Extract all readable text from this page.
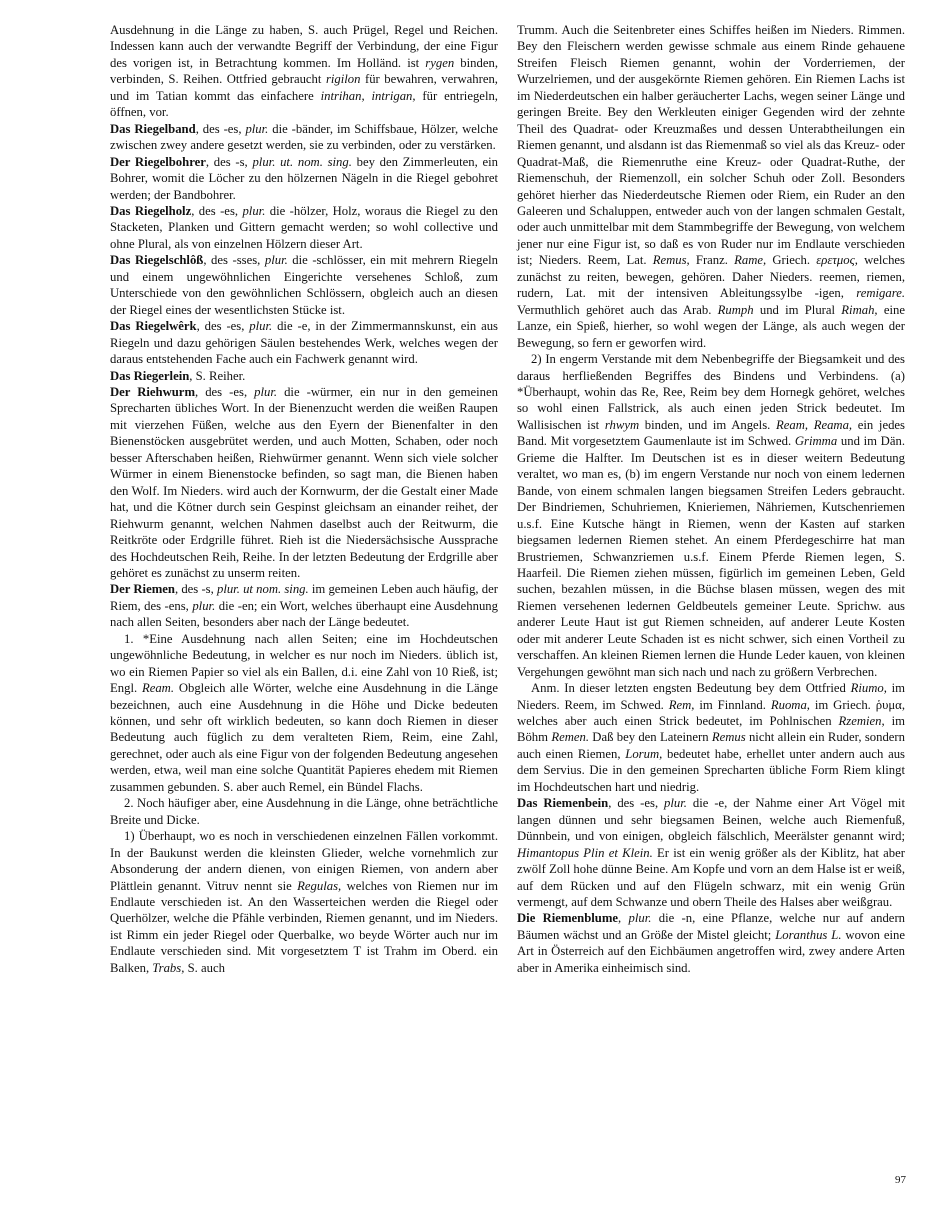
Ausdehnung in die Länge zu haben, S. auch Prügel, Regel und Reichen. Indessen kann auch der verwandte Begriff der Verbindung, der eine Figur des vorigen ist, in Betrachtung kommen. Im Holländ. ist rygen binden, verbinden, S. Reihen. Ottfried gebraucht rigilon für bewahren, verwahren, und im Tatian kommt das einfachere intrihan, intrigan, für entriegeln, öffnen, vor.

Das Riegelband, des -es, plur. die -bänder, im Schiffsbaue, Hölzer, welche zwischen zwey andere gesetzt werden, sie zu verbinden, oder zu verstärken.

Der Riegelbohrer, des -s, plur. ut. nom. sing. bey den Zimmerleuten, ein Bohrer, womit die Löcher zu den hölzernen Nägeln in die Riegel gebohret werden; der Bandbohrer.

Das Riegelholz, des -es, plur. die -hölzer, Holz, woraus die Riegel zu den Stacketen, Planken und Gittern gemacht werden; so wohl collective und ohne Plural, als von einzelnen Hölzern dieser Art.

Das Riegelschlôß, des -sses, plur. die -schlösser, ein mit mehrern Riegeln und einem ungewöhnlichen Eingerichte versehenes Schloß, zum Unterschiede von den gewöhnlichen Schlössern, obgleich auch an diesen der Riegel eines der wesentlichsten Stücke ist.

Das Riegelwêrk, des -es, plur. die -e, in der Zimmermannskunst, ein aus Riegeln und dazu gehörigen Säulen bestehendes Werk, welches wegen der daraus entstehenden Fache auch ein Fachwerk genannt wird.

Das Riegerlein, S. Reiher.

Der Riehwurm, des -es, plur. die -würmer, ein nur in den gemeinen Sprecharten übliches Wort. In der Bienenzucht werden die weißen Raupen mit vierzehen Füßen, welche aus den Eyern der Bienenfalter in den Bienenstöcken ausgebrütet werden, und auch Motten, Schaben, oder noch besser Afterschaben heißen, Riehwürmer genannt. Wenn sich viele solcher Würmer in einem Bienenstocke befinden, so sagt man, die Bienen haben den Wolf. Im Nieders. wird auch der Kornwurm, der die Gestalt einer Made hat, und die Kötner durch sein Gespinst gleichsam an einander reihet, der Riehwurm genannt, welchen Nahmen daselbst auch der Reitwurm, die Reitkröte oder Erdgrille führet. Rieh ist die Niedersächsische Aussprache des Hochdeutschen Reih, Reihe. In der letzten Bedeutung der Erdgrille aber gehöret es zunächst zu unserm reiten.

Der Riemen, des -s, plur. ut nom. sing. im gemeinen Leben auch häufig, der Riem, des -ens, plur. die -en; ein Wort, welches überhaupt eine Ausdehnung nach allen Seiten, besonders aber nach der Länge bedeutet.

1. *Eine Ausdehnung nach allen Seiten; eine im Hochdeutschen ungewöhnliche Bedeutung, in welcher es nur noch im Nieders. üblich ist, wo ein Riemen Papier so viel als ein Ballen, d.i. eine Zahl von 10 Rieß, ist; Engl. Ream. Obgleich alle Wörter, welche eine Ausdehnung in die Länge bezeichnen, auch eine Ausdehnung in die Höhe und Dicke bedeuten können, und sehr oft wirklich bedeuten, so kann doch Riemen in dieser Bedeutung auch füglich zu dem veralteten Riem, Reim, eine Zahl, gerechnet, oder auch als eine Figur von der folgenden Bedeutung angesehen werden, etwa, weil man eine solche Quantität Papieres ehedem mit Riemen zusammen gebunden. S. aber auch Remel, ein Bündel Flachs.

2. Noch häufiger aber, eine Ausdehnung in die Länge, ohne beträchtliche Breite und Dicke.

1) Überhaupt, wo es noch in verschiedenen einzelnen Fällen vorkommt. In der Baukunst werden die kleinsten Glieder, welche vornehmlich zur Absonderung der andern dienen, von einigen Riemen, von andern aber Plättlein genannt. Vitruv nennt sie Regulas, welches von Riemen nur im Endlaute verschieden ist. An den Wasserteichen werden die Riegel oder Querhölzer, welche die Pfähle verbinden, Riemen genannt, und im Nieders. ist Rimm ein jeder Riegel oder Querbalke, wo beyde Wörter auch nur im Endlaute verschieden sind. Mit vorgesetztem T ist Trahm im Oberd. ein Balken, Trabs, S. auch

Trumm. Auch die Seitenbreter eines Schiffes heißen im Nieders. Rimmen. Bey den Fleischern werden gewisse schmale aus einem Rinde gehauene Streifen Fleisch Riemen genannt, wohin der Vorderriemen, der Wurzelriemen, und der ausgekörnte Riemen gehören. Ein Riemen Lachs ist im Niederdeutschen ein halber geräucherter Lachs, wegen seiner Länge und geringen Breite. Bey den Werkleuten einiger Gegenden wird der zehnte Theil des Quadrat- oder Kreuzmaßes und dessen Unterabtheilungen ein Riemen genannt, und alsdann ist das Riemenmaß so viel als das Kreuz- oder Quadrat-Maß, die Riemenruthe eine Kreuz- oder Quadrat-Ruthe, der Riemenschuh, der Riemenzoll, ein solcher Schuh oder Zoll. Besonders gehöret hierher das Niederdeutsche Riemen oder Riem, ein Ruder an den Galeeren und Schaluppen, entweder auch von der langen schmalen Gestalt, oder auch unmittelbar mit dem Stammbegriffe der Bewegung, von welchem jener nur eine Figur ist, so daß es von Ruder nur im Endlaute verschieden ist; Nieders. Reem, Lat. Remus, Franz. Rame, Griech. ερετμος, welches zunächst zu reiten, bewegen, gehören. Daher Nieders. reemen, riemen, rudern, Lat. mit der intensiven Ableitungssylbe -igen, remigare. Vermuthlich gehöret auch das Arab. Rumph und im Plural Rimah, eine Lanze, ein Spieß, hierher, so wohl wegen der Länge, als auch wegen der Bewegung, so fern er geworfen wird.

2) In engerm Verstande mit dem Nebenbegriffe der Biegsamkeit und des daraus herfließenden Begriffes des Bindens und Verbindens. (a) *Überhaupt, wohin das Re, Ree, Reim bey dem Hornegk gehöret, welches so wohl einen Fallstrick, als auch einen jeden Strick bedeutet. Im Wallisischen ist rhwym binden, und im Angels. Ream, Reama, ein jedes Band. Mit vorgesetztem Gaumenlaute ist im Schwed. Grimma und im Dän. Grieme die Halfter. Im Deutschen ist es in dieser weitern Bedeutung veraltet, wo man es, (b) im engern Verstande nur noch von einem ledernen Bande, von einem schmalen langen biegsamen Streifen Leders gebraucht. Der Bindriemen, Schuhriemen, Knieriemen, Nähriemen, Kutschenriemen u.s.f. Eine Kutsche hängt in Riemen, wenn der Kasten auf starken biegsamen ledernen Riemen stehet. An einem Pferdegeschirre hat man Brustriemen, Schwanzriemen u.s.f. Einem Pferde Riemen legen, S. Haarfeil. Die Riemen ziehen müssen, figürlich im gemeinen Leben, Geld suchen, bezahlen müssen, in die Büchse blasen müssen, wegen des mit Riemen versehenen ledernen Geldbeutels gemeiner Leute. Sprichw. aus anderer Leute Haut ist gut Riemen schneiden, auf anderer Leute Kosten oder mit anderer Leute Schaden ist es nicht schwer, sich einen Vortheil zu verschaffen. An kleinen Riemen lernen die Hunde Leder kauen, von kleinen Vergehungen gewöhnt man sich nach und nach zu größern Verbrechen.

Anm. In dieser letzten engsten Bedeutung bey dem Ottfried Riumo, im Nieders. Reem, im Schwed. Rem, im Finnland. Ruoma, im Griech. ῥυμα, welches aber auch einen Strick bedeutet, im Pohlnischen Rzemien, im Böhm Remen. Daß bey den Lateinern Remus nicht allein ein Ruder, sondern auch einen Riemen, Lorum, bedeutet habe, erhellet unter andern auch aus dem Servius. Die in den gemeinen Sprecharten übliche Form Riem klingt im Hochdeutschen hart und niedrig.

Das Riemenbein, des -es, plur. die -e, der Nahme einer Art Vögel mit langen dünnen und sehr biegsamen Beinen, welche auch Riemenfuß, Dünnbein, und von einigen, obgleich fälschlich, Meerälster genannt wird; Himantopus Plin et Klein. Er ist ein wenig größer als der Kiblitz, hat aber zwölf Zoll hohe dünne Beine. Am Kopfe und vorn an dem Halse ist er weiß, auf dem Rücken und auf den Flügeln schwarz, mit ein wenig Grün vermengt, auf dem Schwanze und obern Theile des Halses aber weißgrau.

Die Riemenblume, plur. die -n, eine Pflanze, welche nur auf andern Bäumen wächst und an Größe der Mistel gleicht; Loranthus L. wovon eine Art in Österreich auf den Eichbäumen angetroffen wird, zwey andere Arten aber in Amerika einheimisch sind.

97
